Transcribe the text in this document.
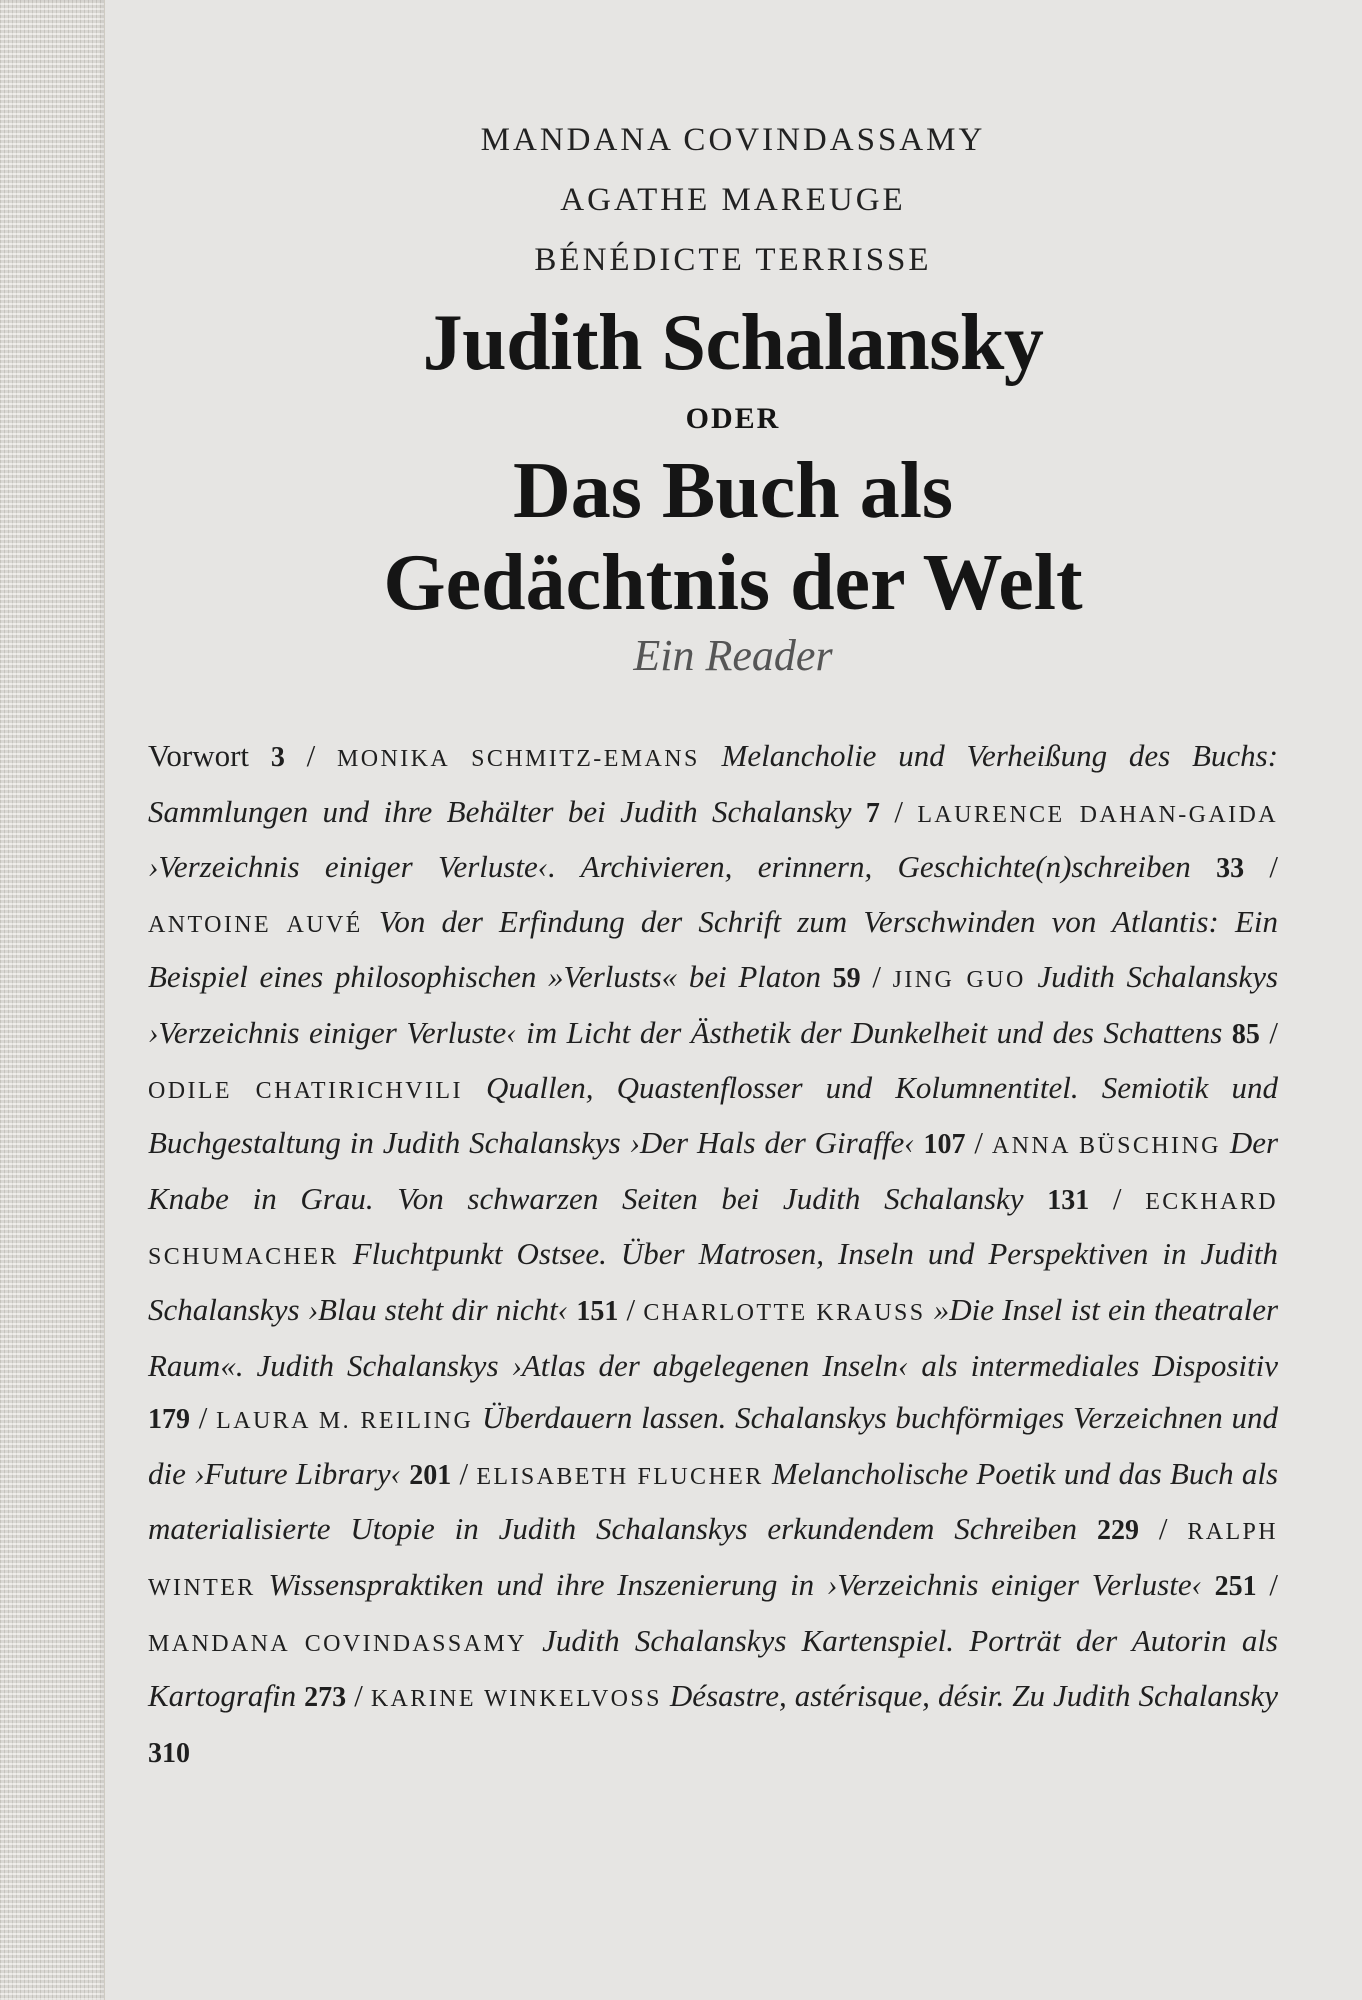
MANDANA COVINDASSAMY
AGATHE MAREUGE
BÉNÉDICTE TERRISSE
Judith Schalansky
ODER
Das Buch als
Gedächtnis der Welt
Ein Reader
Vorwort 3 / MONIKA SCHMITZ-EMANS Melancholie und Verheißung des Buchs: Sammlungen und ihre Behälter bei Judith Schalansky 7 / LAURENCE DAHAN-GAIDA ›Verzeichnis einiger Verluste‹. Archivieren, erinnern, Geschichte(n)schreiben 33 / ANTOINE AUVÉ Von der Erfindung der Schrift zum Verschwinden von Atlantis: Ein Beispiel eines philosophischen »Verlusts« bei Platon 59 / JING GUO Judith Schalanskys ›Verzeichnis einiger Verluste‹ im Licht der Ästhetik der Dunkelheit und des Schattens 85 / ODILE CHATIRICHVILI Quallen, Quastenflosser und Kolumnentitel. Semiotik und Buchgestaltung in Judith Schalanskys ›Der Hals der Giraffe‹ 107 / ANNA BÜSCHING Der Knabe in Grau. Von schwarzen Seiten bei Judith Schalansky 131 / ECKHARD SCHUMACHER Fluchtpunkt Ostsee. Über Matrosen, Inseln und Perspektiven in Judith Schalanskys ›Blau steht dir nicht‹ 151 / CHARLOTTE KRAUSS »Die Insel ist ein theatraler Raum«. Judith Schalanskys ›Atlas der abgelegenen Inseln‹ als intermediales Dispositiv 179 / LAURA M. REILING Überdauern lassen. Schalanskys buchförmiges Verzeichnen und die ›Future Library‹ 201 / ELISABETH FLUCHER Melancholische Poetik und das Buch als materialisierte Utopie in Judith Schalanskys erkundendem Schreiben 229 / RALPH WINTER Wissenspraktiken und ihre Inszenierung in ›Verzeichnis einiger Verluste‹ 251 / MANDANA COVINDASSAMY Judith Schalanskys Kartenspiel. Porträt der Autorin als Kartografin 273 / KARINE WINKELVOSS Désastre, astérisque, désir. Zu Judith Schalansky 310
